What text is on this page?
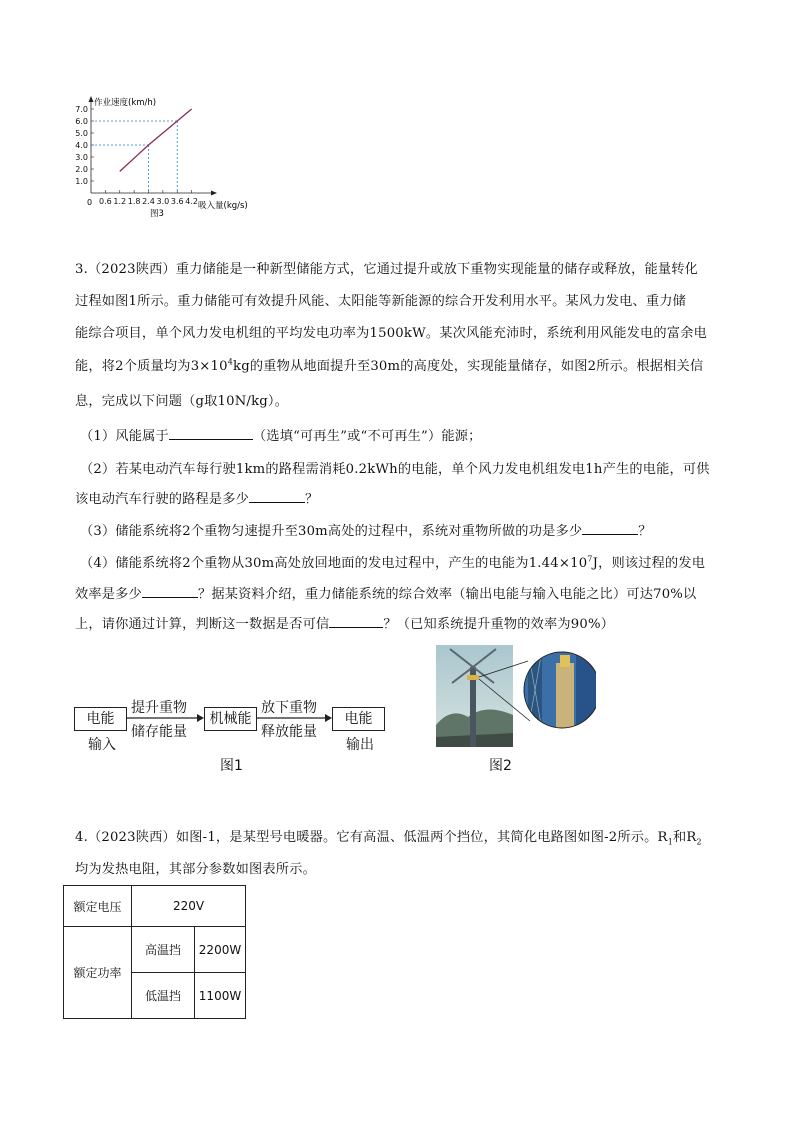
1.0
2.0
3.0
4.0
5.0
6.0
7.0
0.6 1.2 1.8 2.4 3.0 3.6 4.2
作业速度(km/h)
吸入量(kg/s)
图3
0
3.（2023陕西）重力储能是一种新型储能方式，它通过提升或放下重物实现能量的储存或释放，能量转化
过程如图1所示。重力储能可有效提升风能、太阳能等新能源的综合开发利用水平。某风力发电、重力储
能综合项目，单个风力发电机组的平均发电功率为1500kW。某次风能充沛时，系统利用风能发电的富余电
能，将2个质量均为$3\times 10^4kg$的重物从地面提升至30m的高度处，实现能量储存，如图2所示。根据相关信
息，完成以下问题（g取10N/kg）。
（1）风能属于	（选填“可再生”或“不可再生”）能源；
（2）若某电动汽车每行驶1km的路程需消耗0.2kWh的电能，单个风力发电机组发电1h产生的电能，可供
该电动汽车行驶的路程是多少	？
（3）储能系统将2个重物匀速提升至30m高处的过程中，系统对重物所做的功是多少	？
（4）储能系统将2个重物从30m高处放回地面的发电过程中，产生的电能为$1.44\times 10^7J$，则该过程的发电
效率是多少	？据某资料介绍，重力储能系统的综合效率（输出电能与输入电能之比）可达70%以
上，请你通过计算，判断这一数据是否可信	？（已知系统提升重物的效率为90%）
电能
输入
提升重物
储存能量
机械能
放下重物
释放能量
电能
输出
图1	图2
4.（2023陕西）如图-1，是某型号电暖器。它有高温、低温两个挡位，其简化电路图如图-2所示。$R_1$和$R_2$
均为发热电阻，其部分参数如图表所示。
额定电压	220V	
额定功率	高温挡	2200W
	低温挡	1100W
